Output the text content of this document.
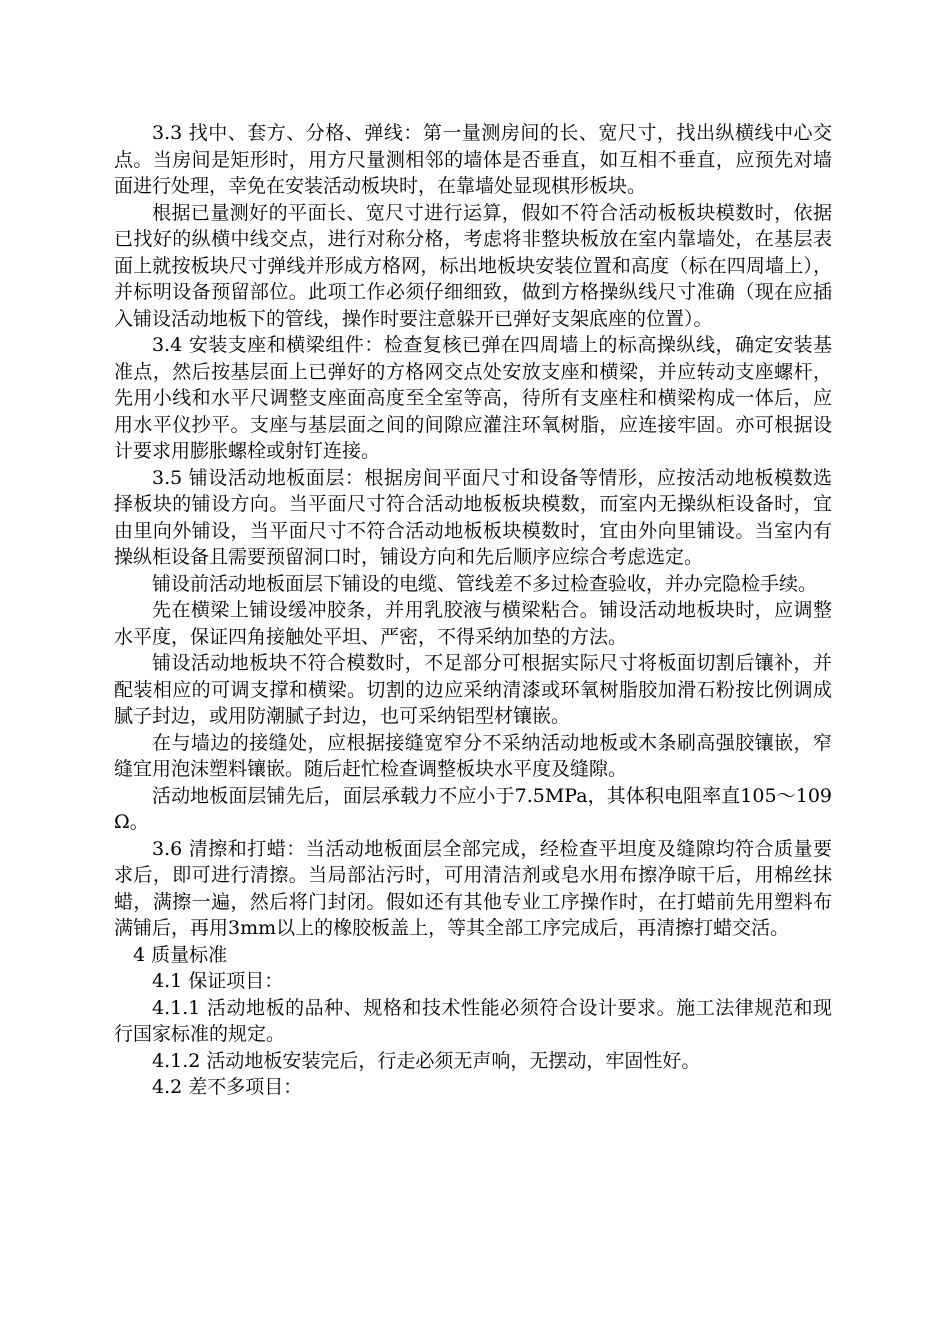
3.3 找中、套方、分格、弹线：第一量测房间的长、宽尺寸，找出纵横线中心交点。当房间是矩形时，用方尺量测相邻的墙体是否垂直，如互相不垂直，应预先对墙面进行处理，幸免在安装活动板块时，在靠墙处显现棋形板块。

根据已量测好的平面长、宽尺寸进行运算，假如不符合活动板板块模数时，依据已找好的纵横中线交点，进行对称分格，考虑将非整块板放在室内靠墙处，在基层表面上就按板块尺寸弹线并形成方格网，标出地板块安装位置和高度（标在四周墙上），并标明设备预留部位。此项工作必须仔细细致，做到方格操纵线尺寸准确（现在应插入铺设活动地板下的管线，操作时要注意躲开已弹好支架底座的位置）。

3.4 安装支座和横梁组件：检查复核已弹在四周墙上的标高操纵线，确定安装基准点，然后按基层面上已弹好的方格网交点处安放支座和横梁，并应转动支座螺杆，先用小线和水平尺调整支座面高度至全室等高，待所有支座柱和横梁构成一体后，应用水平仪抄平。支座与基层面之间的间隙应灌注环氧树脂，应连接牢固。亦可根据设计要求用膨胀螺栓或射钉连接。

3.5 铺设活动地板面层：根据房间平面尺寸和设备等情形，应按活动地板模数选择板块的铺设方向。当平面尺寸符合活动地板板块模数，而室内无操纵柜设备时，宜由里向外铺设，当平面尺寸不符合活动地板板块模数时，宜由外向里铺设。当室内有操纵柜设备且需要预留洞口时，铺设方向和先后顺序应综合考虑选定。

铺设前活动地板面层下铺设的电缆、管线差不多过检查验收，并办完隐检手续。

先在横梁上铺设缓冲胶条，并用乳胶液与横梁粘合。铺设活动地板块时，应调整水平度，保证四角接触处平坦、严密，不得采纳加垫的方法。

铺设活动地板块不符合模数时，不足部分可根据实际尺寸将板面切割后镶补，并配装相应的可调支撑和横梁。切割的边应采纳清漆或环氧树脂胶加滑石粉按比例调成腻子封边，或用防潮腻子封边，也可采纳铝型材镶嵌。

在与墙边的接缝处，应根据接缝宽窄分不采纳活动地板或木条刷高强胶镶嵌，窄缝宜用泡沫塑料镶嵌。随后赶忙检查调整板块水平度及缝隙。

活动地板面层铺先后，面层承载力不应小于7.5MPa，其体积电阻率直105～109Ω。

3.6 清擦和打蜡：当活动地板面层全部完成，经检查平坦度及缝隙均符合质量要求后，即可进行清擦。当局部沾污时，可用清洁剂或皂水用布擦净晾干后，用棉丝抹蜡，满擦一遍，然后将门封闭。假如还有其他专业工序操作时，在打蜡前先用塑料布满铺后，再用3mm以上的橡胶板盖上，等其全部工序完成后，再清擦打蜡交活。

4 质量标准

4.1 保证项目：

4.1.1 活动地板的品种、规格和技术性能必须符合设计要求。施工法律规范和现行国家标准的规定。

4.1.2 活动地板安装完后，行走必须无声响，无摆动，牢固性好。

4.2 差不多项目：
